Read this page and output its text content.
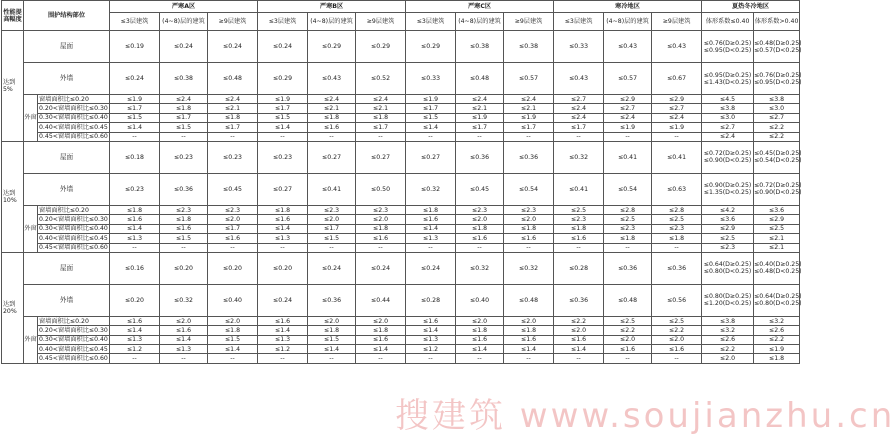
性能提高幅度	围护结构部位		严寒A区			严寒B区			严寒C区			寒冷地区			夏热冬冷地区	
			≤3层建筑	(4~8)层的建筑	≥9层建筑	≤3层建筑	(4~8)层的建筑	≥9层建筑	≤3层建筑	(4~8)层的建筑	≥9层建筑	≤3层建筑	(4~8)层的建筑	≥9层建筑	体形系数≤0.40	体形系数>0.40
达到5%	屋面		≤0.19	≤0.24	≤0.24	≤0.24	≤0.29	≤0.29	≤0.29	≤0.38	≤0.38	≤0.33	≤0.43	≤0.43	≤0.76(D≥0.25) ≤0.95(D<0.25)	≤0.48(D≥0.25) ≤0.57(D<0.25)
	外墙		≤0.24	≤0.38	≤0.48	≤0.29	≤0.43	≤0.52	≤0.33	≤0.48	≤0.57	≤0.43	≤0.57	≤0.67	≤0.95(D≥0.25) ≤1.43(D<0.25)	≤0.76(D≥0.25) ≤0.95(D<0.25)
	外窗	窗墙面积比≤0.20	≤1.9	≤2.4	≤2.4	≤1.9	≤2.4	≤2.4	≤1.9	≤2.4	≤2.4	≤2.7	≤2.9	≤2.9	≤4.5	≤3.8
		0.20<窗墙面积比≤0.30	≤1.7	≤1.8	≤2.1	≤1.7	≤2.1	≤2.1	≤1.7	≤2.1	≤2.1	≤2.4	≤2.7	≤2.7	≤3.8	≤3.0
		0.30<窗墙面积比≤0.40	≤1.5	≤1.7	≤1.8	≤1.5	≤1.8	≤1.8	≤1.5	≤1.9	≤1.9	≤2.4	≤2.4	≤2.4	≤3.0	≤2.7
		0.40<窗墙面积比≤0.45	≤1.4	≤1.5	≤1.7	≤1.4	≤1.6	≤1.7	≤1.4	≤1.7	≤1.7	≤1.7	≤1.9	≤1.9	≤2.7	≤2.2
		0.45<窗墙面积比≤0.60	--	--	--	--	--	--	--	--	--	--	--	--	≤2.4	≤2.2
达到10%	屋面		≤0.18	≤0.23	≤0.23	≤0.23	≤0.27	≤0.27	≤0.27	≤0.36	≤0.36	≤0.32	≤0.41	≤0.41	≤0.72(D≥0.25) ≤0.90(D<0.25)	≤0.45(D≥0.25) ≤0.54(D<0.25)
	外墙		≤0.23	≤0.36	≤0.45	≤0.27	≤0.41	≤0.50	≤0.32	≤0.45	≤0.54	≤0.41	≤0.54	≤0.63	≤0.90(D≥0.25) ≤1.35(D<0.25)	≤0.72(D≥0.25) ≤0.90(D<0.25)
	外窗	窗墙面积比≤0.20	≤1.8	≤2.3	≤2.3	≤1.8	≤2.3	≤2.3	≤1.8	≤2.3	≤2.3	≤2.5	≤2.8	≤2.8	≤4.2	≤3.6
		0.20<窗墙面积比≤0.30	≤1.6	≤1.8	≤2.0	≤1.6	≤2.0	≤2.0	≤1.6	≤2.0	≤2.0	≤2.3	≤2.5	≤2.5	≤3.6	≤2.9
		0.30<窗墙面积比≤0.40	≤1.4	≤1.6	≤1.7	≤1.4	≤1.7	≤1.8	≤1.4	≤1.8	≤1.8	≤1.8	≤2.3	≤2.3	≤2.9	≤2.5
		0.40<窗墙面积比≤0.45	≤1.3	≤1.5	≤1.6	≤1.3	≤1.5	≤1.6	≤1.3	≤1.6	≤1.6	≤1.6	≤1.8	≤1.8	≤2.5	≤2.1
		0.45<窗墙面积比≤0.60	--	--	--	--	--	--	--	--	--	--	--	--	≤2.3	≤2.1
达到20%	屋面		≤0.16	≤0.20	≤0.20	≤0.20	≤0.24	≤0.24	≤0.24	≤0.32	≤0.32	≤0.28	≤0.36	≤0.36	≤0.64(D≥0.25) ≤0.80(D<0.25)	≤0.40(D≥0.25) ≤0.48(D<0.25)
	外墙		≤0.20	≤0.32	≤0.40	≤0.24	≤0.36	≤0.44	≤0.28	≤0.40	≤0.48	≤0.36	≤0.48	≤0.56	≤0.80(D≥0.25) ≤1.20(D<0.25)	≤0.64(D≥0.25) ≤0.80(D<0.25)
	外窗	窗墙面积比≤0.20	≤1.6	≤2.0	≤2.0	≤1.6	≤2.0	≤2.0	≤1.6	≤2.0	≤2.0	≤2.2	≤2.5	≤2.5	≤3.8	≤3.2
		0.20<窗墙面积比≤0.30	≤1.4	≤1.6	≤1.8	≤1.4	≤1.8	≤1.8	≤1.4	≤1.8	≤1.8	≤2.0	≤2.2	≤2.2	≤3.2	≤2.6
		0.30<窗墙面积比≤0.40	≤1.3	≤1.4	≤1.5	≤1.3	≤1.5	≤1.6	≤1.3	≤1.6	≤1.6	≤1.6	≤2.0	≤2.0	≤2.6	≤2.2
		0.40<窗墙面积比≤0.45	≤1.2	≤1.3	≤1.4	≤1.2	≤1.4	≤1.4	≤1.2	≤1.4	≤1.4	≤1.4	≤1.6	≤1.6	≤2.2	≤1.9
		0.45<窗墙面积比≤0.60	--	--	--	--	--	--	--	--	--	--	--	--	≤2.0	≤1.8
搜建筑 www.soujianzhu.cn
